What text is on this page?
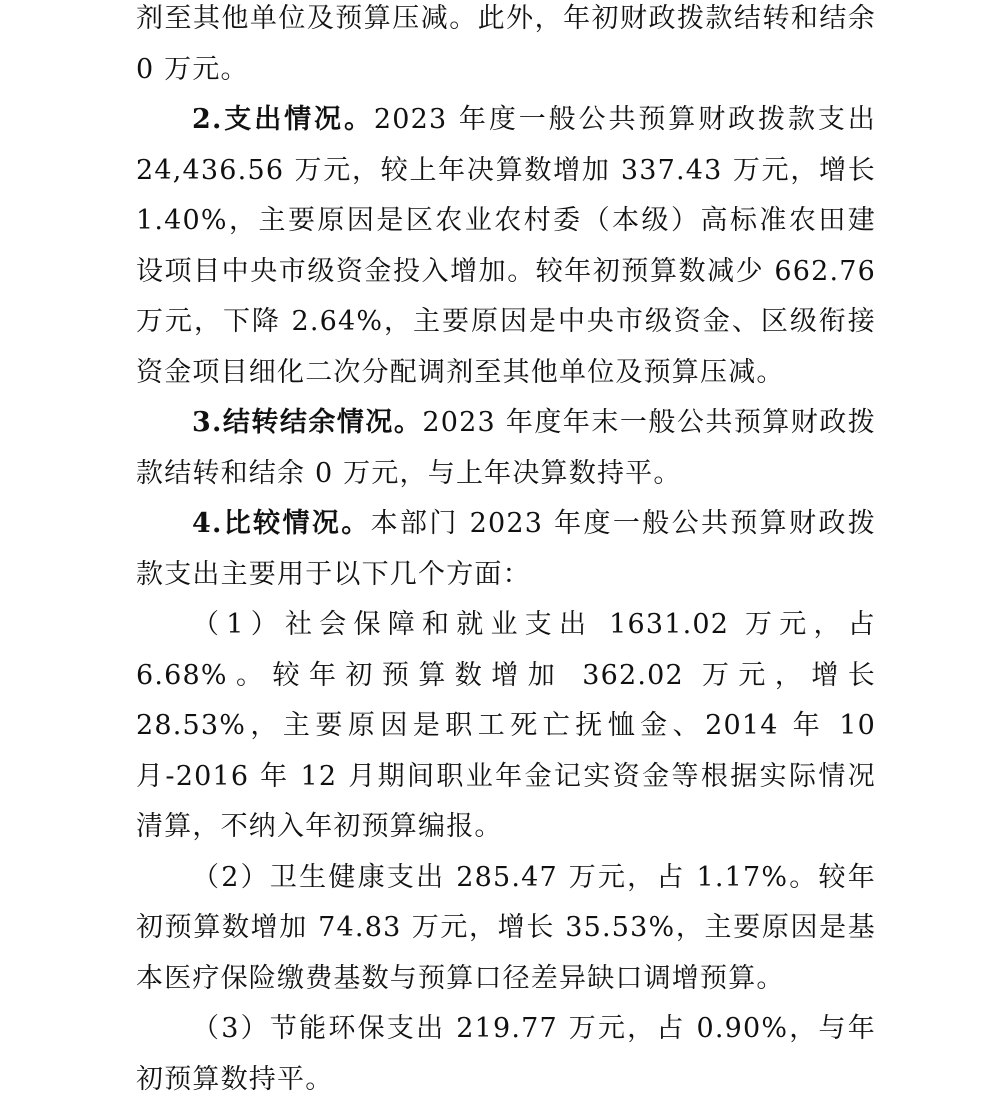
剂至其他单位及预算压减。此外，年初财政拨款结转和结余 0 万元。

2.支出情况。2023 年度一般公共预算财政拨款支出 24,436.56 万元，较上年决算数增加 337.43 万元，增长 1.40%，主要原因是区农业农村委（本级）高标准农田建设项目中央市级资金投入增加。较年初预算数减少 662.76 万元，下降 2.64%，主要原因是中央市级资金、区级衔接资金项目细化二次分配调剂至其他单位及预算压减。

3.结转结余情况。2023 年度年末一般公共预算财政拨款结转和结余 0 万元，与上年决算数持平。

4.比较情况。本部门 2023 年度一般公共预算财政拨款支出主要用于以下几个方面：

（1）社会保障和就业支出 1631.02 万元，占 6.68%。较年初预算数增加 362.02 万元，增长 28.53%，主要原因是职工死亡抚恤金、2014 年 10 月-2016 年 12 月期间职业年金记实资金等根据实际情况清算，不纳入年初预算编报。

（2）卫生健康支出 285.47 万元，占 1.17%。较年初预算数增加 74.83 万元，增长 35.53%，主要原因是基本医疗保险缴费基数与预算口径差异缺口调增预算。

（3）节能环保支出 219.77 万元，占 0.90%，与年初预算数持平。
